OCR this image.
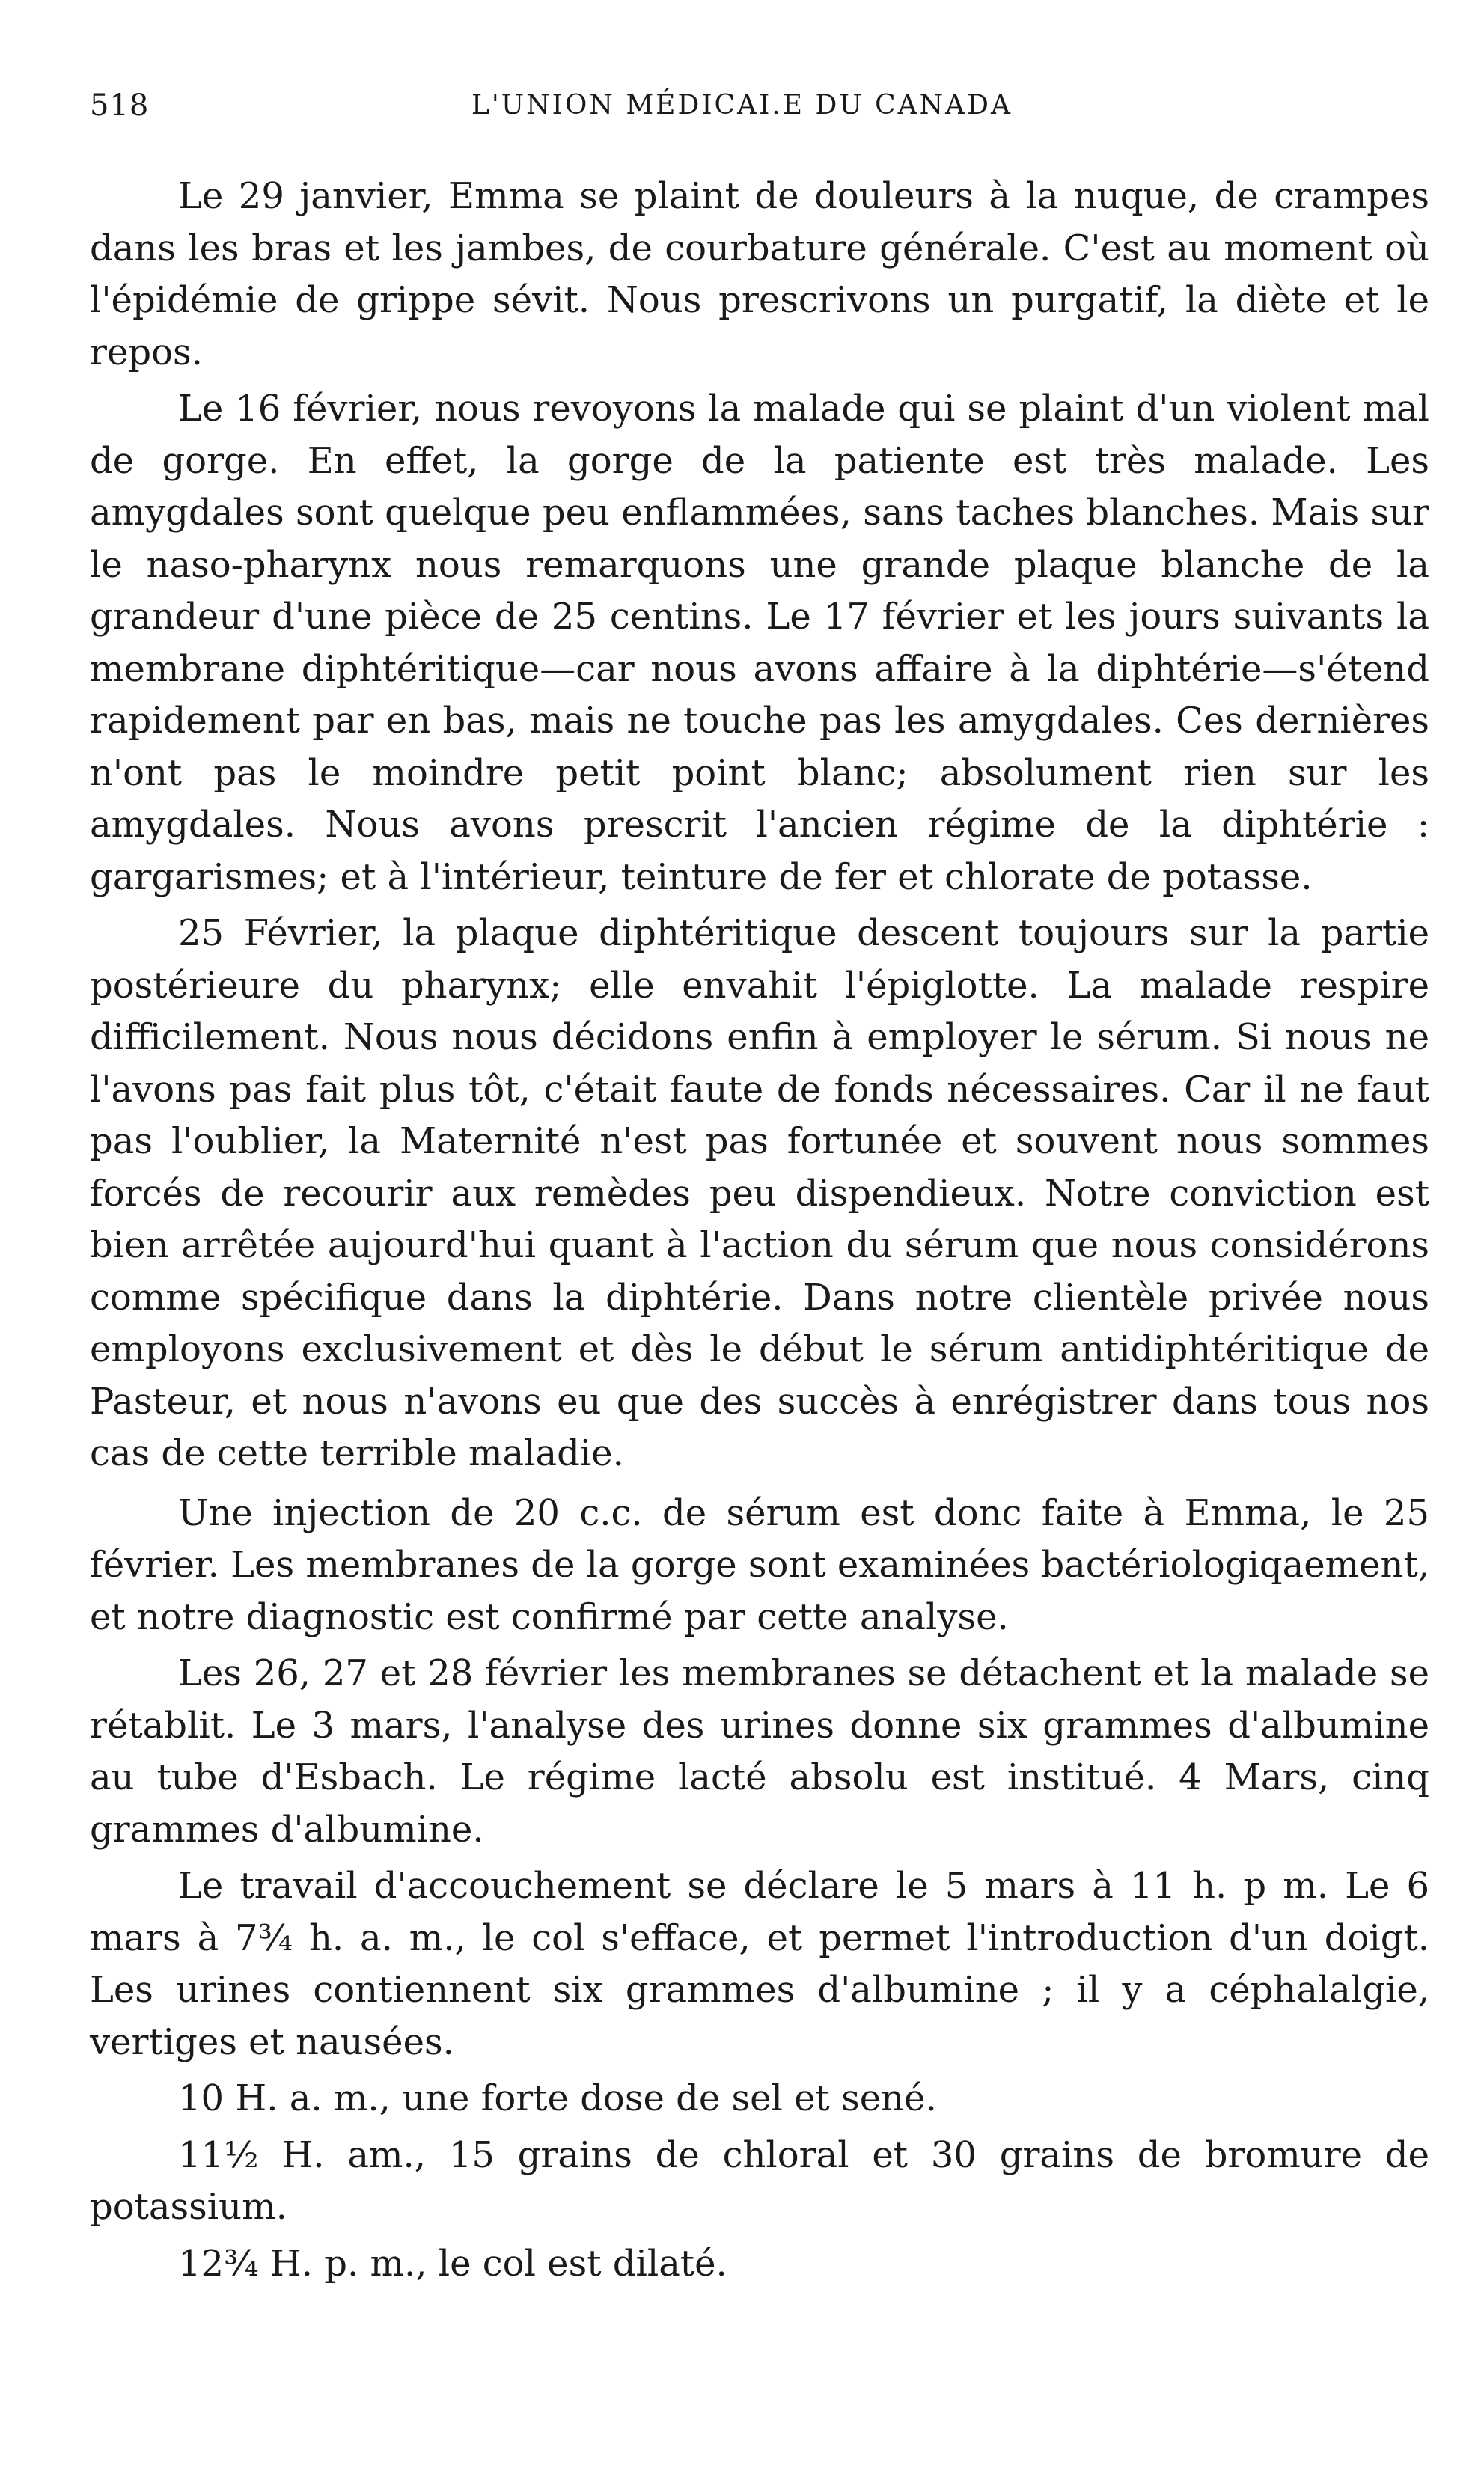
518	L'UNION MÉDICAI.E DU CANADA

Le 29 janvier, Emma se plaint de douleurs à la nuque, de crampes dans les bras et les jambes, de courbature générale. C'est au moment où l'épidémie de grippe sévit. Nous prescrivons un purgatif, la diète et le repos.

Le 16 février, nous revoyons la malade qui se plaint d'un violent mal de gorge. En effet, la gorge de la patiente est très malade. Les amygdales sont quelque peu enflammées, sans taches blanches. Mais sur le naso-pharynx nous remarquons une grande plaque blanche de la grandeur d'une pièce de 25 centins. Le 17 février et les jours suivants la membrane diphtéritique—car nous avons affaire à la diphtérie—s'étend rapidement par en bas, mais ne touche pas les amygdales. Ces dernières n'ont pas le moindre petit point blanc; absolument rien sur les amygdales. Nous avons prescrit l'ancien régime de la diphtérie : gargarismes; et à l'intérieur, teinture de fer et chlorate de potasse.

25 Février, la plaque diphtéritique descent toujours sur la partie postérieure du pharynx; elle envahit l'épiglotte. La malade respire difficilement. Nous nous décidons enfin à employer le sérum. Si nous ne l'avons pas fait plus tôt, c'était faute de fonds nécessaires. Car il ne faut pas l'oublier, la Maternité n'est pas fortunée et souvent nous sommes forcés de recourir aux remèdes peu dispendieux. Notre conviction est bien arrêtée aujourd'hui quant à l'action du sérum que nous considérons comme spécifique dans la diphtérie. Dans notre clientèle privée nous employons exclusivement et dès le début le sérum antidiphtéritique de Pasteur, et nous n'avons eu que des succès à enrégistrer dans tous nos cas de cette terrible maladie.

Une injection de 20 c.c. de sérum est donc faite à Emma, le 25 février. Les membranes de la gorge sont examinées bactériologiqaement, et notre diagnostic est confirmé par cette analyse.

Les 26, 27 et 28 février les membranes se détachent et la malade se rétablit. Le 3 mars, l'analyse des urines donne six grammes d'albumine au tube d'Esbach. Le régime lacté absolu est institué. 4 Mars, cinq grammes d'albumine.

Le travail d'accouchement se déclare le 5 mars à 11 h. p m. Le 6 mars à 7¾ h. a. m., le col s'efface, et permet l'introduction d'un doigt. Les urines contiennent six grammes d'albumine ; il y a céphalalgie, vertiges et nausées.

10 H. a. m., une forte dose de sel et sené.

11½ H. am., 15 grains de chloral et 30 grains de bromure de potassium.

12¾ H. p. m., le col est dilaté.
